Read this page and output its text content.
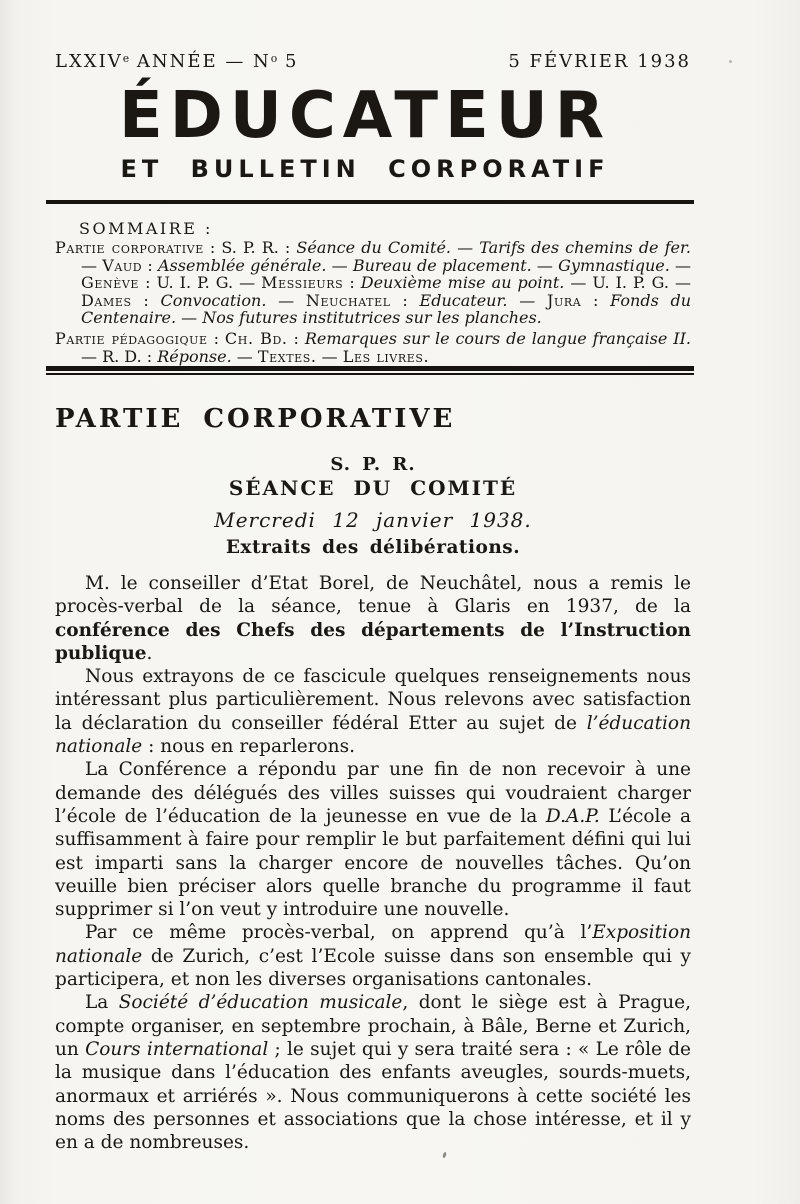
LXXIVe ANNÉE — $N^o$ 5	5 FÉVRIER 1938
ÉDUCATEUR
ET BULLETIN CORPORATIF
SOMMAIRE :
Partie corporative : S. P. R. : Séance du Comité. — Tarifs des chemins de fer. — Vaud : Assemblée générale. — Bureau de placement. — Gymnastique. — Genève : U. I. P. G. — Messieurs : Deuxième mise au point. — U. I. P. G. — Dames : Convocation. — Neuchatel : Educateur. — Jura : Fonds du Centenaire. — Nos futures institutrices sur les planches.
Partie pédagogique : Ch. Bd. : Remarques sur le cours de langue française II. — R. D. : Réponse. — Textes. — Les livres.
PARTIE CORPORATIVE
S. P. R.
SÉANCE DU COMITÉ
Mercredi 12 janvier 1938.
Extraits des délibérations.
M. le conseiller d’Etat Borel, de Neuchâtel, nous a remis le procès-verbal de la séance, tenue à Glaris en 1937, de la conférence des Chefs des départements de l’Instruction publique.
Nous extrayons de ce fascicule quelques renseignements nous intéressant plus particulièrement. Nous relevons avec satisfaction la déclaration du conseiller fédéral Etter au sujet de l’éducation nationale : nous en reparlerons.
La Conférence a répondu par une fin de non recevoir à une demande des délégués des villes suisses qui voudraient charger l’école de l’éducation de la jeunesse en vue de la D.A.P. L’école a suffisamment à faire pour remplir le but parfaitement défini qui lui est imparti sans la charger encore de nouvelles tâches. Qu’on veuille bien préciser alors quelle branche du programme il faut supprimer si l’on veut y introduire une nouvelle.
Par ce même procès-verbal, on apprend qu’à l’Exposition nationale de Zurich, c’est l’Ecole suisse dans son ensemble qui y participera, et non les diverses organisations cantonales.
La Société d’éducation musicale, dont le siège est à Prague, compte organiser, en septembre prochain, à Bâle, Berne et Zurich, un Cours international ; le sujet qui y sera traité sera : « Le rôle de la musique dans l’éducation des enfants aveugles, sourds-muets, anormaux et arriérés ». Nous communiquerons à cette société les noms des personnes et associations que la chose intéresse, et il y en a de nombreuses.
